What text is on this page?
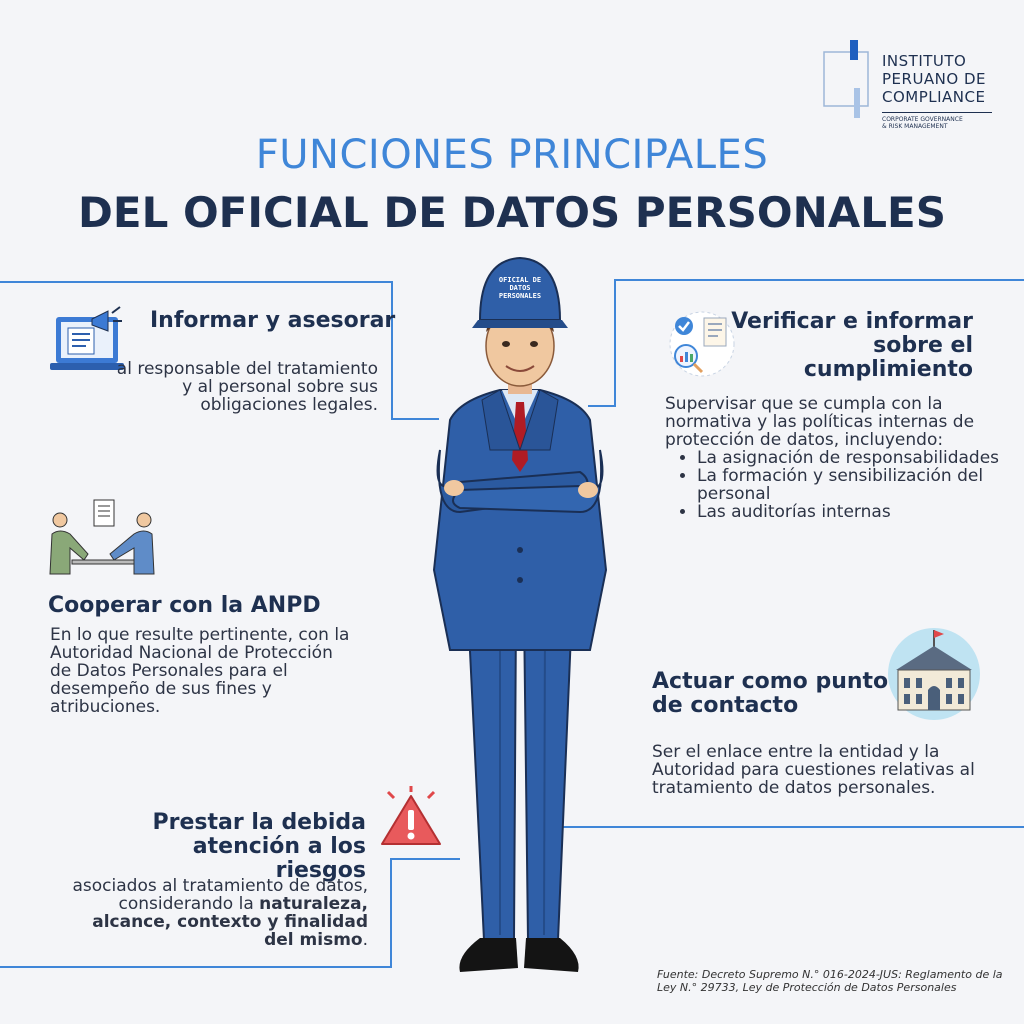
INSTITUTO
PERUANO DE
COMPLIANCE
CORPORATE GOVERNANCE
& RISK MANAGEMENT
FUNCIONES PRINCIPALES
DEL OFICIAL DE DATOS PERSONALES
Informar y asesorar
al responsable del tratamiento y al personal sobre sus obligaciones legales.
Verificar e informar
sobre el
cumplimiento
Supervisar que se cumpla con la normativa y las políticas internas de protección de datos, incluyendo:
• La asignación de responsabilidades
• La formación y sensibilización del personal
• Las auditorías internas
Cooperar con la ANPD
En lo que resulte pertinente, con la Autoridad Nacional de Protección de Datos Personales para el desempeño de sus fines y atribuciones.
Actuar como punto
de contacto
Ser el enlace entre la entidad y la Autoridad para cuestiones relativas al tratamiento de datos personales.
Prestar la debida
atención a los riesgos
asociados al tratamiento de datos, considerando la naturaleza, alcance, contexto y finalidad del mismo.
OFICIAL DE
DATOS
PERSONALES
Fuente: Decreto Supremo N.° 016-2024-JUS: Reglamento de la
Ley N.° 29733, Ley de Protección de Datos Personales
